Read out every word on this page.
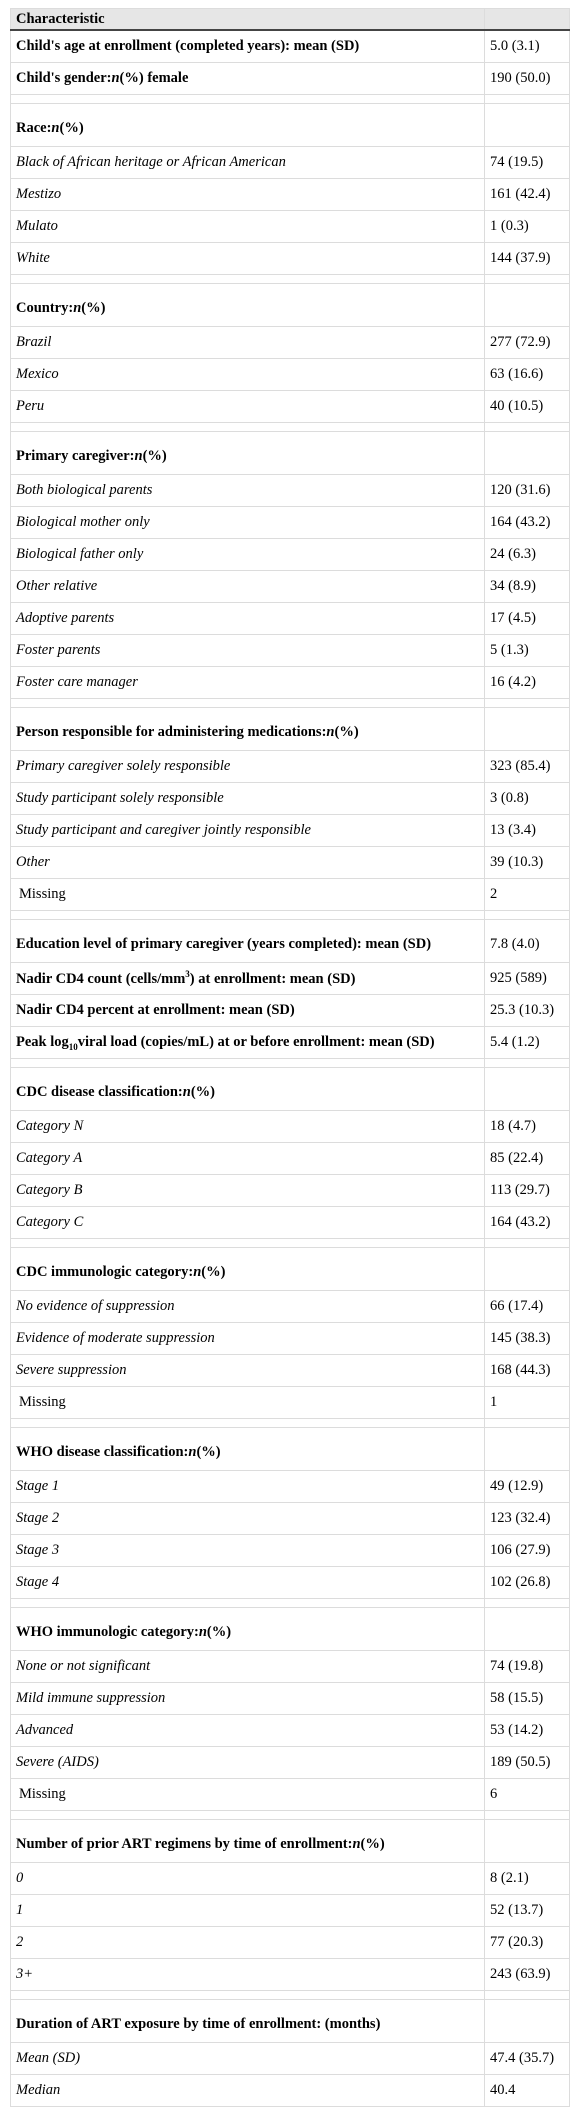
Characteristic	
Child's age at enrollment (completed years): mean (SD)	5.0 (3.1)
Child's gender:n(%) female	190 (50.0)

Race:n(%)	
Black of African heritage or African American	74 (19.5)
Mestizo	161 (42.4)
Mulato	1 (0.3)
White	144 (37.9)

Country:n(%)	
Brazil	277 (72.9)
Mexico	63 (16.6)
Peru	40 (10.5)

Primary caregiver:n(%)	
Both biological parents	120 (31.6)
Biological mother only	164 (43.2)
Biological father only	24 (6.3)
Other relative	34 (8.9)
Adoptive parents	17 (4.5)
Foster parents	5 (1.3)
Foster care manager	16 (4.2)

Person responsible for administering medications:n(%)	
Primary caregiver solely responsible	323 (85.4)
Study participant solely responsible	3 (0.8)
Study participant and caregiver jointly responsible	13 (3.4)
Other	39 (10.3)
Missing	2

Education level of primary caregiver (years completed): mean (SD)	7.8 (4.0)
Nadir CD4 count $(cells/mm^3)$ at enrollment: mean (SD)	925 (589)
Nadir CD4 percent at enrollment: mean (SD)	25.3 (10.3)
Peak $\log_{10}viral$ load (copies/mL) at or before enrollment: mean (SD)	5.4 (1.2)

CDC disease classification:n(%)	
Category N	18 (4.7)
Category A	85 (22.4)
Category B	113 (29.7)
Category C	164 (43.2)

CDC immunologic category:n(%)	
No evidence of suppression	66 (17.4)
Evidence of moderate suppression	145 (38.3)
Severe suppression	168 (44.3)
Missing	1

WHO disease classification:n(%)	
Stage 1	49 (12.9)
Stage 2	123 (32.4)
Stage 3	106 (27.9)
Stage 4	102 (26.8)

WHO immunologic category:n(%)	
None or not significant	74 (19.8)
Mild immune suppression	58 (15.5)
Advanced	53 (14.2)
Severe (AIDS)	189 (50.5)
Missing	6

Number of prior ART regimens by time of enrollment:n(%)	
0	8 (2.1)
1	52 (13.7)
2	77 (20.3)
3+	243 (63.9)

Duration of ART exposure by time of enrollment: (months)	
Mean (SD)	47.4 (35.7)
Median	40.4
